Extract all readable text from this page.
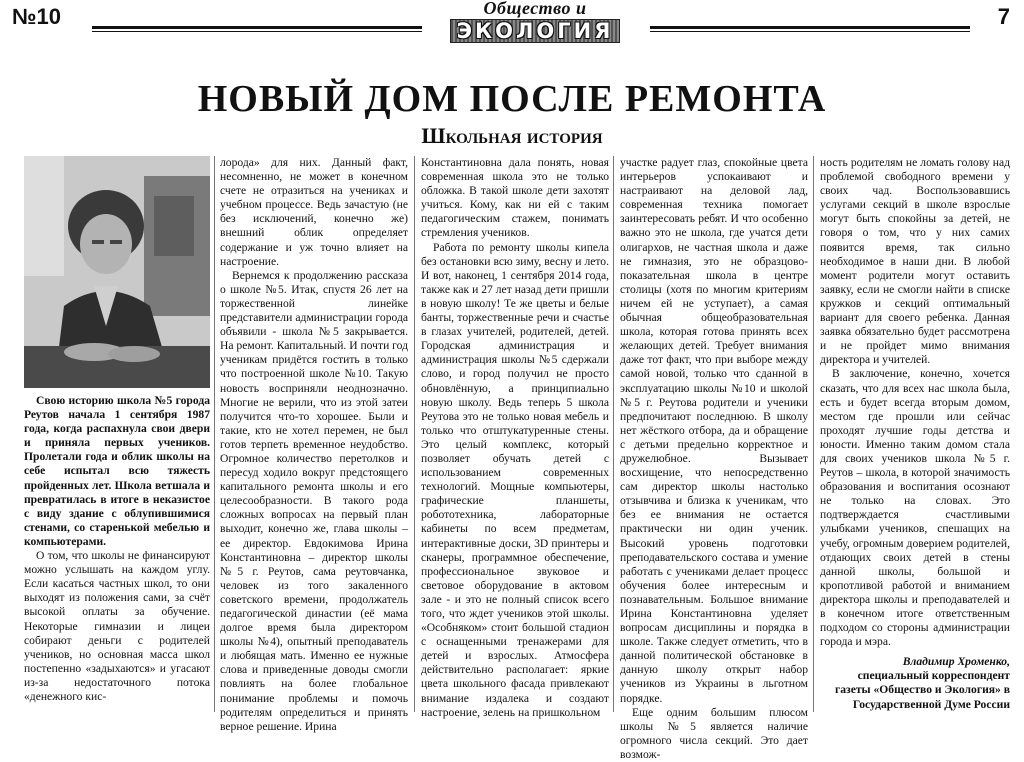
№10	Общество и
ЭКОЛОГИЯ
7
НОВЫЙ ДОМ ПОСЛЕ РЕМОНТА
Школьная история

Свою историю школа №5 города Реутов начала 1 сентября 1987 года, когда распахнула свои двери и приняла первых учеников. Пролетали года и облик школы на себе испытал всю тяжесть пройденных лет. Школа ветшала и превратилась в итоге в неказистое с виду здание с облупившимися стенами, со старенькой мебелью и компьютерами.

О том, что школы не финансируют можно услышать на каждом углу. Если касаться частных школ, то они выходят из положения сами, за счёт высокой оплаты за обучение. Некоторые гимназии и лицеи собирают деньги с родителей учеников, но основная масса школ постепенно «задыхаются» и угасают из-за недостаточного потока «денежного кис-

лорода» для них. Данный факт, несомненно, не может в конечном счете не отразиться на учениках и учебном процессе. Ведь зачастую (не без исключений, конечно же) внешний облик определяет содержание и уж точно влияет на настроение.

Вернемся к продолжению рассказа о школе №5. Итак, спустя 26 лет на торжественной линейке представители администрации города объявили - школа №5 закрывается. На ремонт. Капитальный. И почти год ученикам придётся гостить в только что построенной школе №10. Такую новость восприняли неоднозначно. Многие не верили, что из этой затеи получится что-то хорошее. Были и такие, кто не хотел перемен, не был готов терпеть временное неудобство. Огромное количество перетолков и пересуд ходило вокруг предстоящего капитального ремонта школы и его целесообразности. В такого рода сложных вопросах на первый план выходит, конечно же, глава школы – ее директор. Евдокимова Ирина Константиновна – директор школы №5 г. Реутов, сама реутовчанка, человек из того закаленного советского времени, продолжатель педагогической династии (её мама долгое время была директором школы №4), опытный преподаватель и любящая мать. Именно ее нужные слова и приведенные доводы смогли повлиять на более глобальное понимание проблемы и помочь родителям определиться и принять верное решение. Ирина

Константиновна дала понять, новая современная школа это не только обложка. В такой школе дети захотят учиться. Кому, как ни ей с таким педагогическим стажем, понимать стремления учеников.

Работа по ремонту школы кипела без остановки всю зиму, весну и лето. И вот, наконец, 1 сентября 2014 года, также как и 27 лет назад дети пришли в новую школу! Те же цветы и белые банты, торжественные речи и счастье в глазах учителей, родителей, детей. Городская администрация и администрация школы №5 сдержали слово, и город получил не просто обновлённую, а принципиально новую школу. Ведь теперь 5 школа Реутова это не только новая мебель и только что отштукатуренные стены. Это целый комплекс, который позволяет обучать детей с использованием современных технологий. Мощные компьютеры, графические планшеты, робототехника, лабораторные кабинеты по всем предметам, интерактивные доски, 3D принтеры и сканеры, программное обеспечение, профессиональное звуковое и световое оборудование в актовом зале - и это не полный список всего того, что ждет учеников этой школы. «Особняком» стоит большой стадион с оснащенными тренажерами для детей и взрослых. Атмосфера действительно располагает: яркие цвета школьного фасада привлекают внимание издалека и создают настроение, зелень на пришкольном

участке радует глаз, спокойные цвета интерьеров успокаивают и настраивают на деловой лад, современная техника помогает заинтересовать ребят. И что особенно важно это не школа, где учатся дети олигархов, не частная школа и даже не гимназия, это не образцово-показательная школа в центре столицы (хотя по многим критериям ничем ей не уступает), а самая обычная общеобразовательная школа, которая готова принять всех желающих детей. Требует внимания даже тот факт, что при выборе между самой новой, только что сданной в эксплуатацию школы №10 и школой №5 г. Реутова родители и ученики предпочитают последнюю. В школу нет жёсткого отбора, да и обращение с детьми предельно корректное и дружелюбное. Вызывает восхищение, что непосредственно сам директор школы настолько отзывчива и близка к ученикам, что без ее внимания не остается практически ни один ученик. Высокий уровень подготовки преподавательского состава и умение работать с учениками делает процесс обучения более интересным и познавательным. Большое внимание Ирина Константиновна уделяет вопросам дисциплины и порядка в школе. Также следует отметить, что в данной политической обстановке в данную школу открыт набор учеников из Украины в льготном порядке.

Еще одним большим плюсом школы №5 является наличие огромного числа секций. Это дает возмож-

ность родителям не ломать голову над проблемой свободного времени у своих чад. Воспользовавшись услугами секций в школе взрослые могут быть спокойны за детей, не говоря о том, что у них самих появится время, так сильно необходимое в наши дни. В любой момент родители могут оставить заявку, если не смогли найти в списке кружков и секций оптимальный вариант для своего ребенка. Данная заявка обязательно будет рассмотрена и не пройдет мимо внимания директора и учителей.

В заключение, конечно, хочется сказать, что для всех нас школа была, есть и будет всегда вторым домом, местом где прошли или сейчас проходят лучшие годы детства и юности. Именно таким домом стала для своих учеников школа №5 г. Реутов – школа, в которой значимость образования и воспитания осознают не только на словах. Это подтверждается счастливыми улыбками учеников, спешащих на учебу, огромным доверием родителей, отдающих своих детей в стены данной школы, большой и кропотливой работой и вниманием директора школы и преподавателей и в конечном итоге ответственным подходом со стороны администрации города и мэра.

Владимир Хроменко,

специальный корреспондент газеты «Общество и Экология» в Государственной Думе России
